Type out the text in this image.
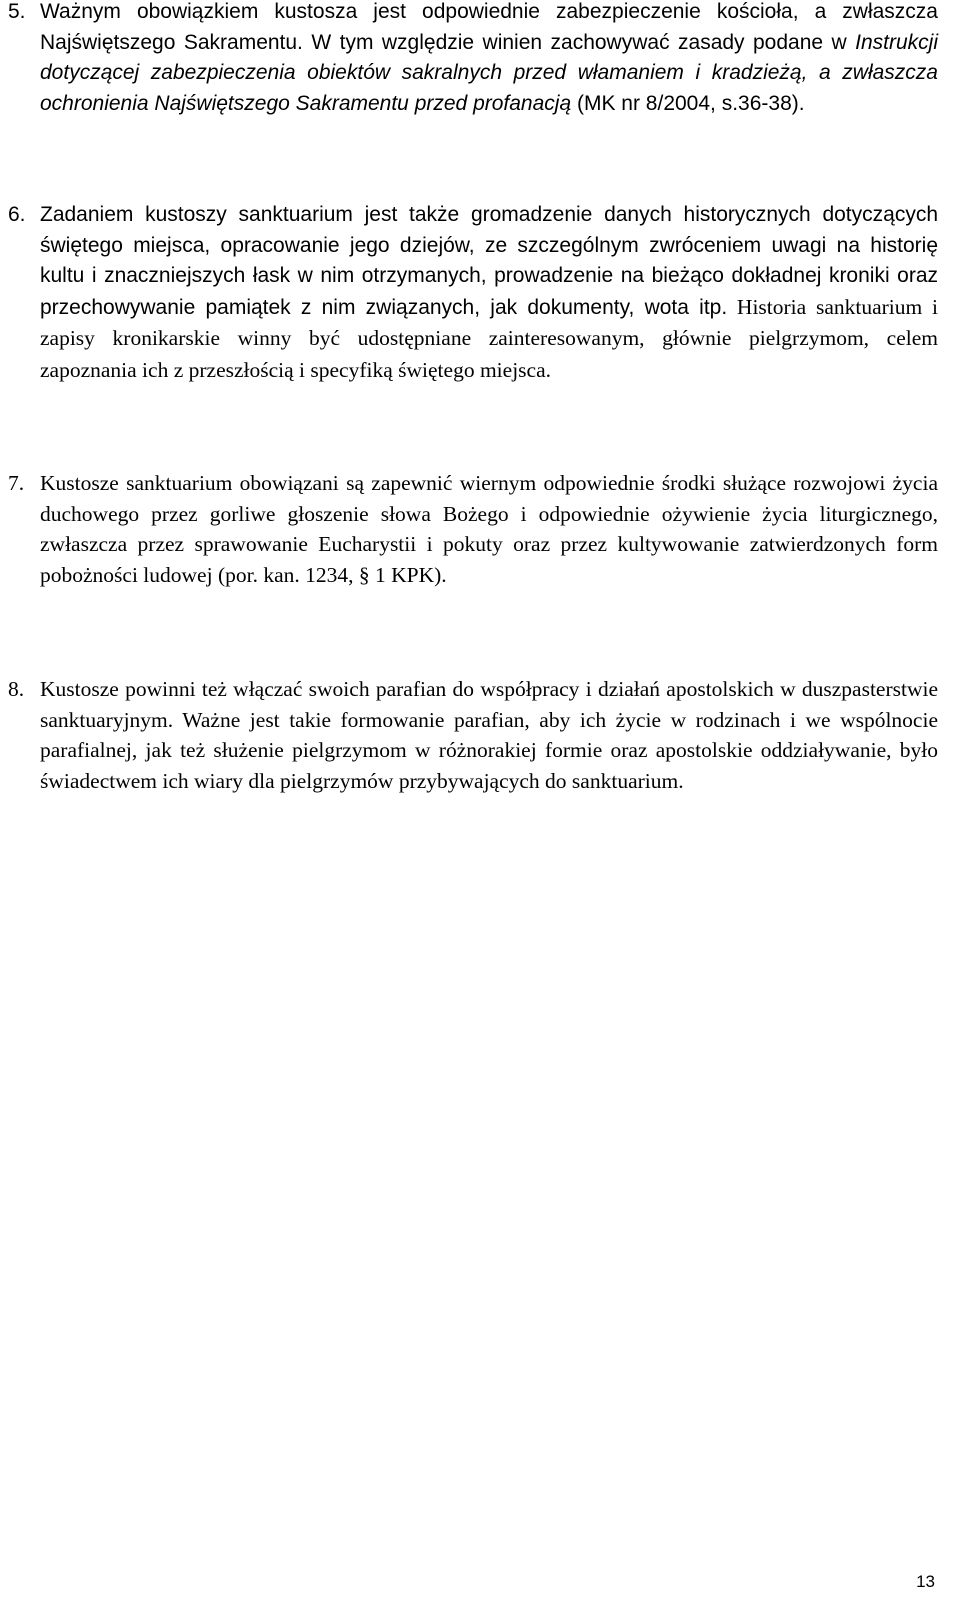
5. Ważnym obowiązkiem kustosza jest odpowiednie zabezpieczenie kościoła, a zwłaszcza Najświętszego Sakramentu. W tym względzie winien zachowywać zasady podane w Instrukcji dotyczącej zabezpieczenia obiektów sakralnych przed włamaniem i kradzieżą, a zwłaszcza ochronienia Najświętszego Sakramentu przed profanacją (MK nr 8/2004, s.36-38).

6. Zadaniem kustoszy sanktuarium jest także gromadzenie danych historycznych dotyczących świętego miejsca, opracowanie jego dziejów, ze szczególnym zwróceniem uwagi na historię kultu i znaczniejszych łask w nim otrzymanych, prowadzenie na bieżąco dokładnej kroniki oraz przechowywanie pamiątek z nim związanych, jak dokumenty, wota itp. Historia sanktuarium i zapisy kronikarskie winny być udostępniane zainteresowanym, głównie pielgrzymom, celem zapoznania ich z przeszłością i specyfiką świętego miejsca.

7. Kustosze sanktuarium obowiązani są zapewnić wiernym odpowiednie środki służące rozwojowi życia duchowego przez gorliwe głoszenie słowa Bożego i odpowiednie ożywienie życia liturgicznego, zwłaszcza przez sprawowanie Eucharystii i pokuty oraz przez kultywowanie zatwierdzonych form pobożności ludowej (por. kan. 1234, § 1 KPK).

8. Kustosze powinni też włączać swoich parafian do współpracy i działań apostolskich w duszpasterstwie sanktuaryjnym. Ważne jest takie formowanie parafian, aby ich życie w rodzinach i we wspólnocie parafialnej, jak też służenie pielgrzymom w różnorakiej formie oraz apostolskie oddziaływanie, było świadectwem ich wiary dla pielgrzymów przybywających do sanktuarium.

13
